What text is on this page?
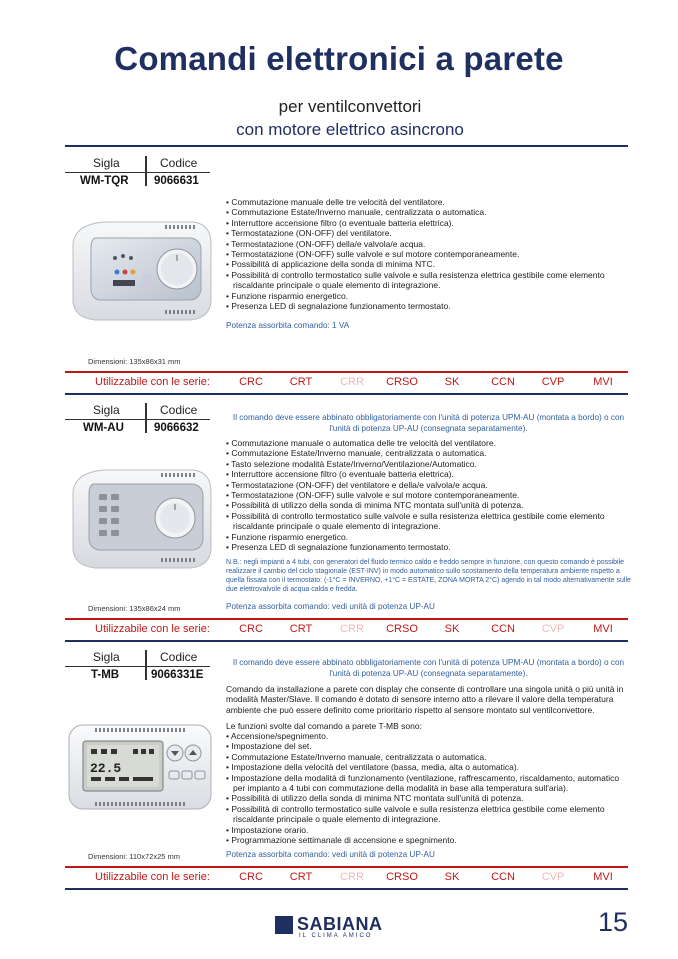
Comandi elettronici a parete
per ventilconvettori
con motore elettrico asincrono
Sigla	Codice
WM-TQR 9066631
• Commutazione manuale delle tre velocità del ventilatore.
• Commutazione Estate/Inverno manuale, centralizzata o automatica.
• Interruttore accensione filtro (o eventuale batteria elettrica).
• Termostatazione (ON-OFF) del ventilatore.
• Termostatazione (ON-OFF) della/e valvola/e acqua.
• Termostatazione (ON-OFF) sulle valvole e sul motore contemporaneamente.
• Possibilità di applicazione della sonda di minima NTC.
• Possibilità di controllo termostatico sulle valvole e sulla resistenza elettrica gestibile come elemento riscaldante principale o quale elemento di integrazione.
• Funzione risparmio energetico.
• Presenza LED di segnalazione funzionamento termostato.
Potenza assorbita comando: 1 VA
Dimensioni: 135x86x31 mm
Utilizzabile con le serie:	CRC	CRT	CRR	CRSO	SK	CCN	CVP	MVI
Sigla	Codice
WM-AU	9066632
Il comando deve essere abbinato obbligatoriamente con l'unità di potenza UPM-AU (montata a bordo) o con l'unità di potenza UP-AU (consegnata separatamente).
• Commutazione manuale o automatica delle tre velocità del ventilatore.
• Commutazione Estate/Inverno manuale, centralizzata o automatica.
• Tasto selezione modalità Estate/Inverno/Ventilazione/Automatico.
• Interruttore accensione filtro (o eventuale batteria elettrica).
• Termostatazione (ON-OFF) del ventilatore e della/e valvola/e acqua.
• Termostatazione (ON-OFF) sulle valvole e sul motore contemporaneamente.
• Possibilità di utilizzo della sonda di minima NTC montata sull'unità di potenza.
• Possibilità di controllo termostatico sulle valvole e sulla resistenza elettrica gestibile come elemento riscaldante principale o quale elemento di integrazione.
• Funzione risparmio energetico.
• Presenza LED di segnalazione funzionamento termostato.
N.B.: negli impianti a 4 tubi, con generatori del fluido termico caldo e freddo sempre in funzione, con questo comando è possibile realizzare il cambio del ciclo stagionale (EST-INV) in modo automatico sullo scostamento della temperatura ambiente rispetto a quella fissata con il termostato: (-1°C = INVERNO, +1°C = ESTATE, ZONA MORTA 2°C) agendo in tal modo alternativamente sulle due elettrovalvole di acqua calda e fredda.
Dimensioni: 135x86x24 mm	Potenza assorbita comando: vedi unità di potenza UP-AU
Utilizzabile con le serie:	CRC	CRT	CRR	CRSO	SK	CCN	CVP	MVI
Sigla	Codice
T-MB	9066331E
Il comando deve essere abbinato obbligatoriamente con l'unità di potenza UPM-AU (montata a bordo) o con l'unità di potenza UP-AU (consegnata separatamente).
Comando da installazione a parete con display che consente di controllare una singola unità o più unità in modalità Master/Slave. Il comando è dotato di sensore interno atto a rilevare il valore della temperatura ambiente che può essere definito come prioritario rispetto al sensore montato sul ventilconvettore.
Le funzioni svolte dal comando a parete T-MB sono:
22.5
• Accensione/spegnimento.
• Impostazione del set.
• Commutazione Estate/Inverno manuale, centralizzata o automatica.
• Impostazione della velocità del ventilatore (bassa, media, alta o automatica).
• Impostazione della modalità di funzionamento (ventilazione, raffrescamento, riscaldamento, automatico per impianto a 4 tubi con commutazione della modalità in base alla temperatura sull'aria).
• Possibilità di utilizzo della sonda di minima NTC montata sull'unità di potenza.
• Possibilità di controllo termostatico sulle valvole e sulla resistenza elettrica gestibile come elemento riscaldante principale o quale elemento di integrazione.
• Impostazione orario.
• Programmazione settimanale di accensione e spegnimento.
Dimensioni: 110x72x25 mm	Potenza assorbita comando: vedi unità di potenza UP-AU
Utilizzabile con le serie:	CRC	CRT	CRR	CRSO	SK	CCN	CVP	MVI
SABIANA
IL CLIMA AMICO	15
